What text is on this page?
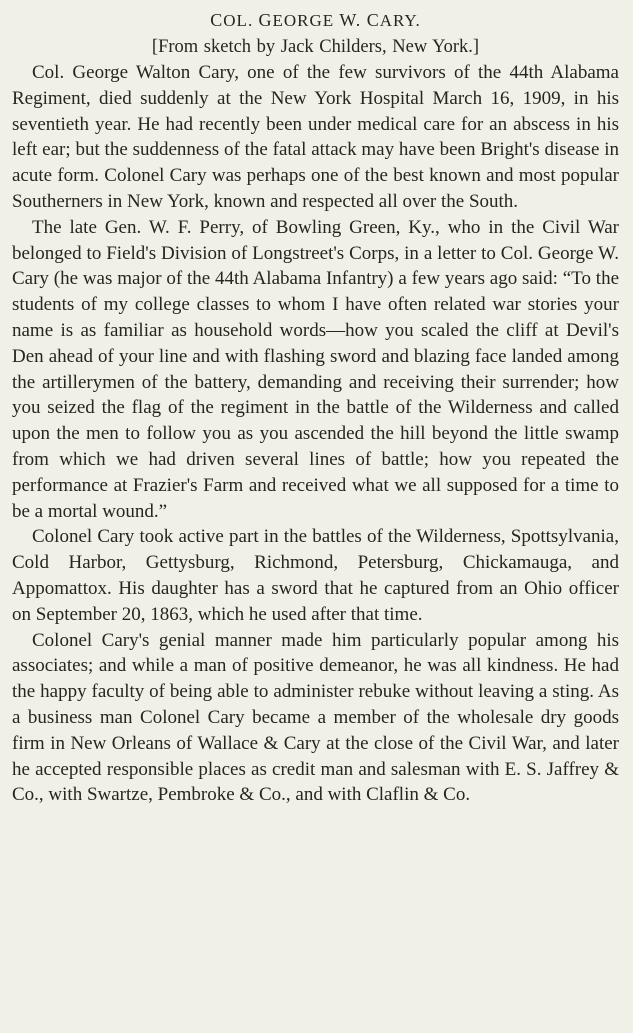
COL. GEORGE W. CARY.
[From sketch by Jack Childers, New York.]

Col. George Walton Cary, one of the few survivors of the 44th Alabama Regiment, died suddenly at the New York Hospital March 16, 1909, in his seventieth year. He had recently been under medical care for an abscess in his left ear; but the suddenness of the fatal attack may have been Bright's disease in acute form. Colonel Cary was perhaps one of the best known and most popular Southerners in New York, known and respected all over the South.

The late Gen. W. F. Perry, of Bowling Green, Ky., who in the Civil War belonged to Field's Division of Longstreet's Corps, in a letter to Col. George W. Cary (he was major of the 44th Alabama Infantry) a few years ago said: “To the students of my college classes to whom I have often related war stories your name is as familiar as household words—how you scaled the cliff at Devil's Den ahead of your line and with flashing sword and blazing face landed among the artillerymen of the battery, demanding and receiving their surrender; how you seized the flag of the regiment in the battle of the Wilderness and called upon the men to follow you as you ascended the hill beyond the little swamp from which we had driven several lines of battle; how you repeated the performance at Frazier's Farm and received what we all supposed for a time to be a mortal wound.”

Colonel Cary took active part in the battles of the Wilderness, Spottsylvania, Cold Harbor, Gettysburg, Richmond, Petersburg, Chickamauga, and Appomattox. His daughter has a sword that he captured from an Ohio officer on September 20, 1863, which he used after that time.

Colonel Cary's genial manner made him particularly popular among his associates; and while a man of positive demeanor, he was all kindness. He had the happy faculty of being able to administer rebuke without leaving a sting. As a business man Colonel Cary became a member of the wholesale dry goods firm in New Orleans of Wallace & Cary at the close of the Civil War, and later he accepted responsible places as credit man and salesman with E. S. Jaffrey & Co., with Swartze, Pembroke & Co., and with Claflin & Co.
